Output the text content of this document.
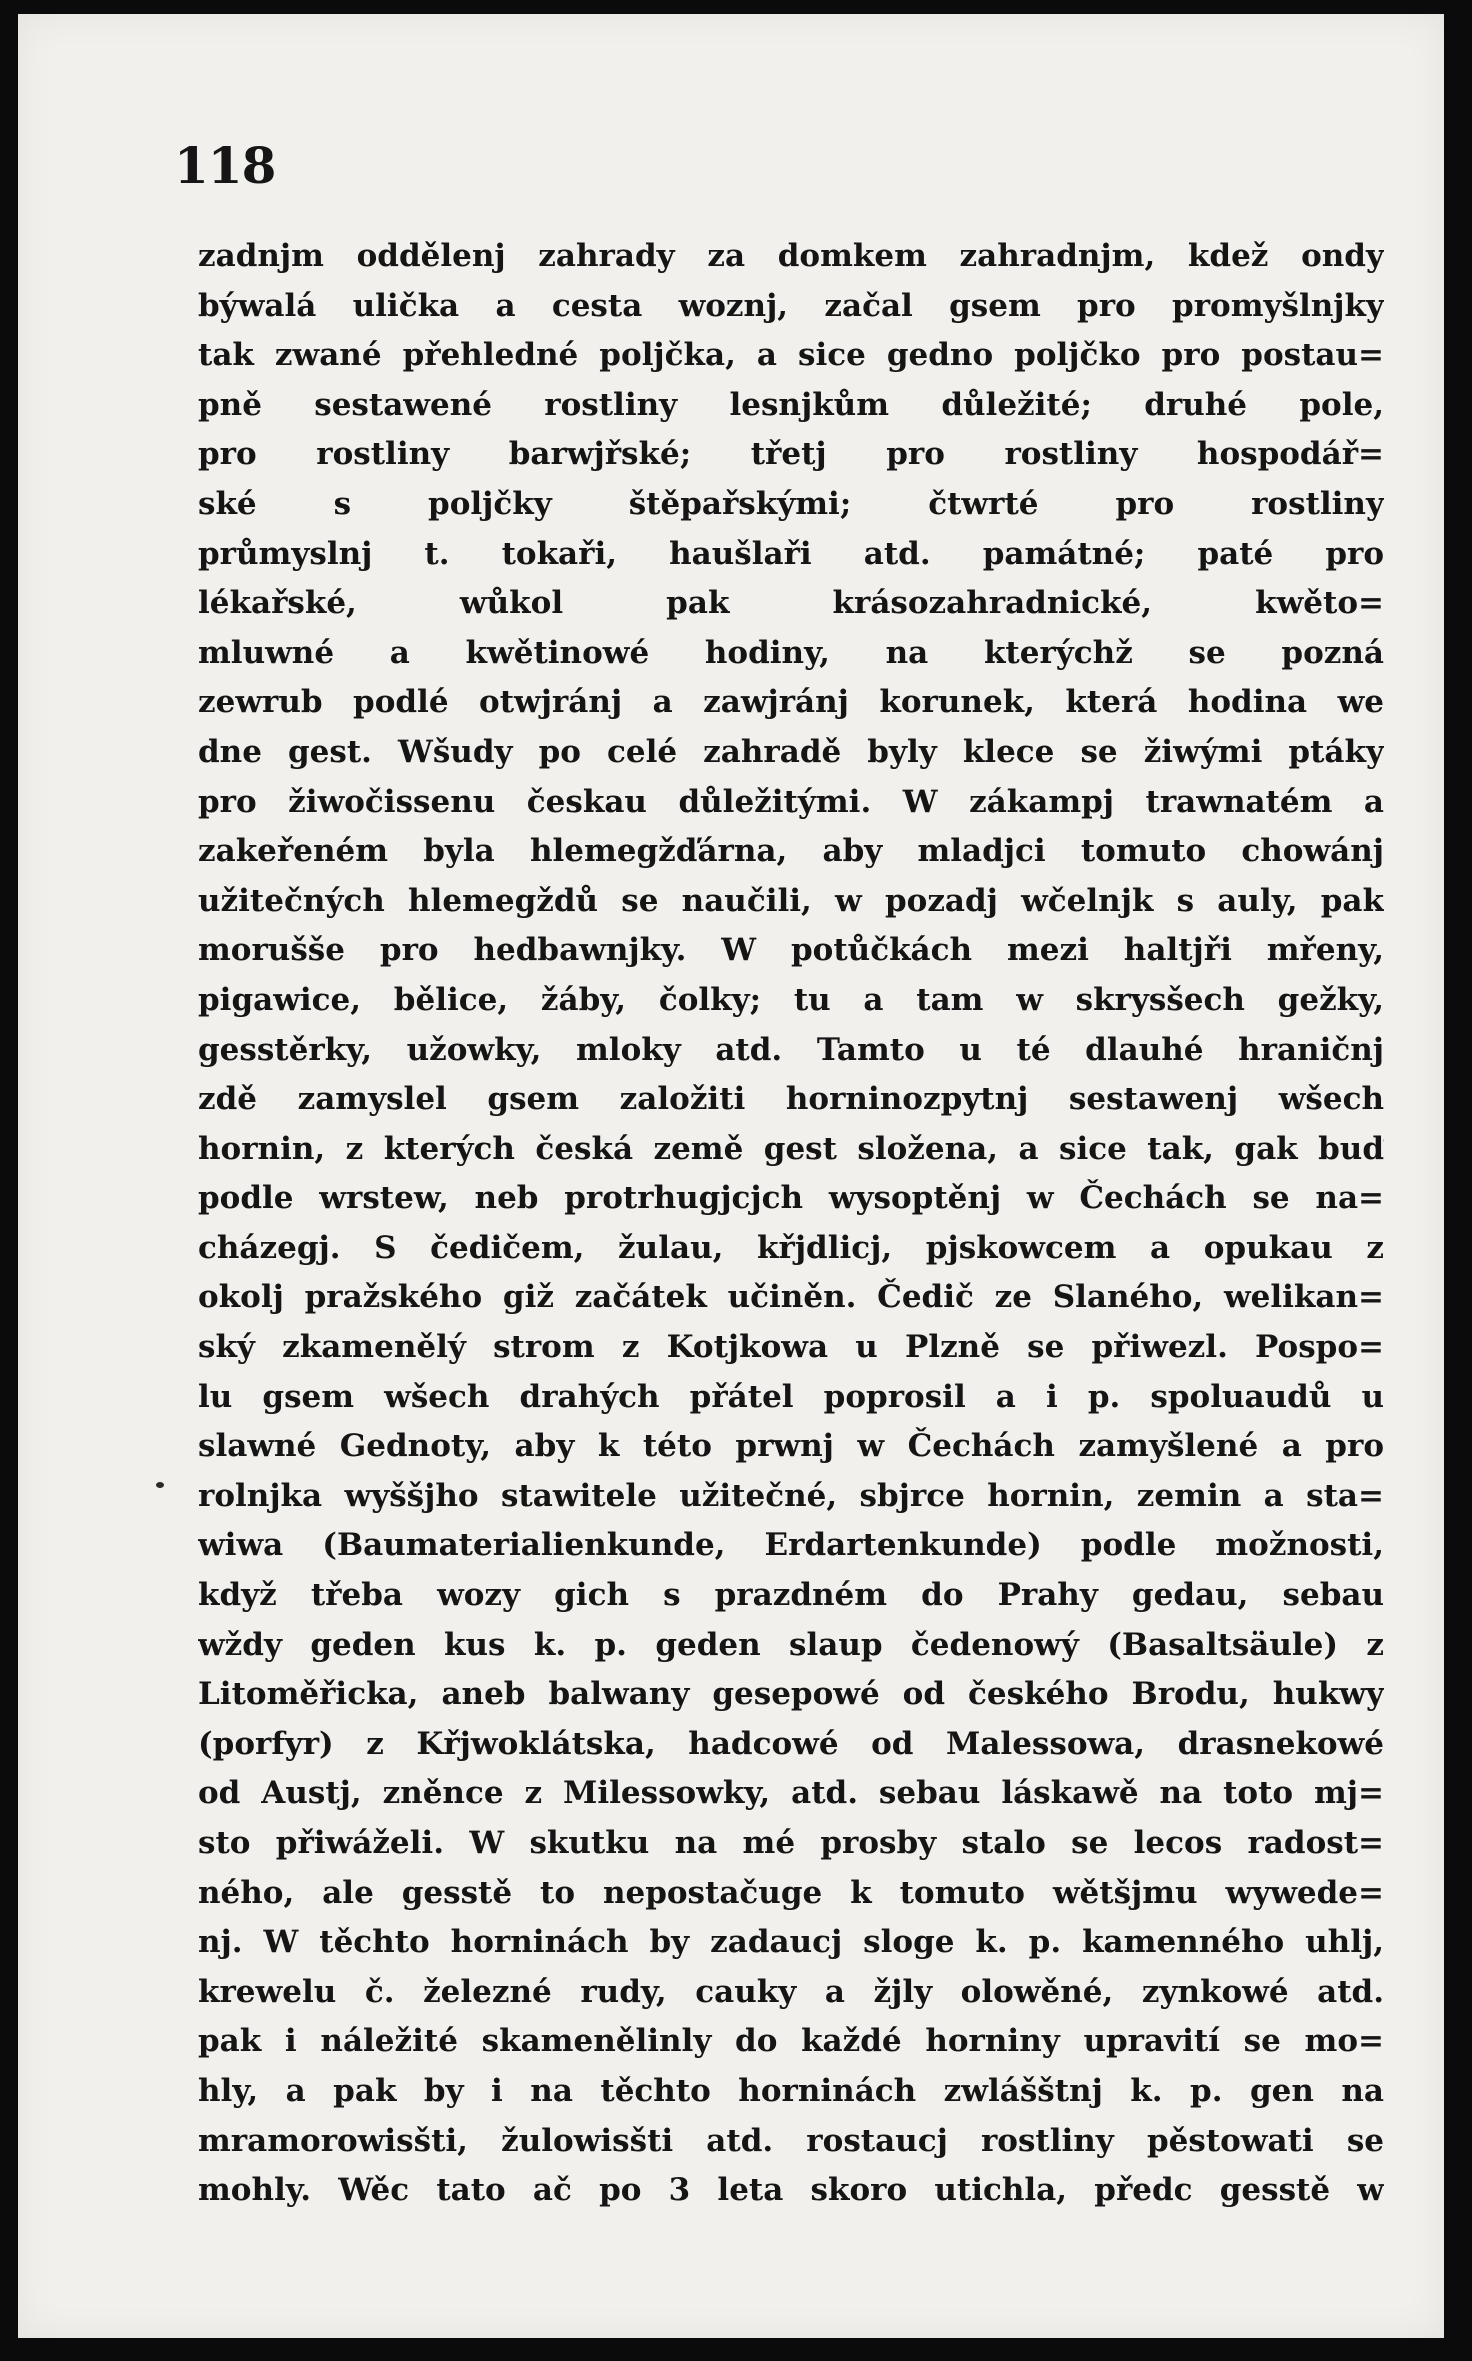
118
zadnjm oddělenj zahrady za domkem zahradnjm, kdež ondy
býwalá ulička a cesta woznj, začal gsem pro promyšlnjky
tak zwané přehledné poljčka, a sice gedno poljčko pro postau=
pně sestawené rostliny lesnjkům důležité; druhé pole,
pro rostliny barwjřské; třetj pro rostliny hospodář=
ské s poljčky štěpařskými; čtwrté pro rostliny
průmyslnj t. tokaři, haušlaři atd. památné; paté pro
lékařské, wůkol pak krásozahradnické, kwěto=
mluwné a kwětinowé hodiny, na kterýchž se pozná
zewrub podlé otwjránj a zawjránj korunek, která hodina we
dne gest. Wšudy po celé zahradě byly klece se žiwými ptáky
pro žiwočissenu českau důležitými. W zákampj trawnatém a
zakeřeném byla hlemegžďárna, aby mladjci tomuto chowánj
užitečných hlemegždů se naučili, w pozadj wčelnjk s auly, pak
morušše pro hedbawnjky. W potůčkách mezi haltjři mřeny,
pigawice, bělice, žáby, čolky; tu a tam w skrysšech gežky,
gesstěrky, užowky, mloky atd. Tamto u té dlauhé hraničnj
zdě zamyslel gsem založiti horninozpytnj sestawenj wšech
hornin, z kterých česká země gest složena, a sice tak, gak buď
podle wrstew, neb protrhugjcjch wysoptěnj w Čechách se na=
cházegj. S čedičem, žulau, křjdlicj, pjskowcem a opukau z
okolj pražského giž začátek učiněn. Čedič ze Slaného, welikan=
ský zkamenělý strom z Kotjkowa u Plzně se přiwezl. Pospo=
lu gsem wšech drahých přátel poprosil a i p. spoluaudů u
slawné Gednoty, aby k této prwnj w Čechách zamyšlené a pro
rolnjka wyššjho stawitele užitečné, sbjrce hornin, zemin a sta=
wiwa (Baumaterialienkunde, Erdartenkunde) podle možnosti,
když třeba wozy gich s prazdném do Prahy gedau, sebau
wždy geden kus k. p. geden slaup čedenowý (Basaltsäule) z
Litoměřicka, aneb balwany gesepowé od českého Brodu, hukwy
(porfyr) z Křjwoklátska, hadcowé od Malessowa, drasnekowé
od Austj, zněnce z Milessowky, atd. sebau láskawě na toto mj=
sto přiwáželi. W skutku na mé prosby stalo se lecos radost=
ného, ale gesstě to nepostačuge k tomuto wětšjmu wywede=
nj. W těchto horninách by zadaucj sloge k. p. kamenného uhlj,
krewelu č. železné rudy, cauky a žjly olowěné, zynkowé atd.
pak i náležité skamenělinly do každé horniny upravití se mo=
hly, a pak by i na těchto horninách zwlášštnj k. p. gen na
mramorowisšti, žulowisšti atd. rostaucj rostliny pěstowati se
mohly. Wěc tato ač po 3 leta skoro utichla, předc gesstě w
